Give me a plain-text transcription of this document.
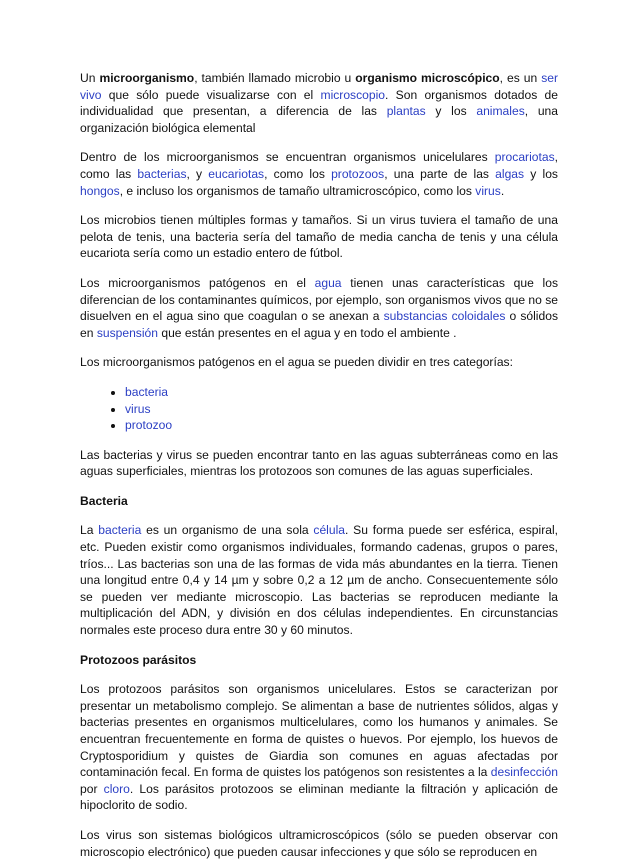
Un microorganismo, también llamado microbio u organismo microscópico, es un ser vivo que sólo puede visualizarse con el microscopio. Son organismos dotados de individualidad que presentan, a diferencia de las plantas y los animales, una organización biológica elemental

Dentro de los microorganismos se encuentran organismos unicelulares procariotas, como las bacterias, y eucariotas, como los protozoos, una parte de las algas y los hongos, e incluso los organismos de tamaño ultramicroscópico, como los virus.

Los microbios tienen múltiples formas y tamaños. Si un virus tuviera el tamaño de una pelota de tenis, una bacteria sería del tamaño de media cancha de tenis y una célula eucariota sería como un estadio entero de fútbol.

Los microorganismos patógenos en el agua tienen unas características que los diferencian de los contaminantes químicos, por ejemplo, son organismos vivos que no se disuelven en el agua sino que coagulan o se anexan a substancias coloidales o sólidos en suspensión que están presentes en el agua y en todo el ambiente .

Los microorganismos patógenos en el agua se pueden dividir en tres categorías:

• bacteria
• virus
• protozoo

Las bacterias y virus se pueden encontrar tanto en las aguas subterráneas como en las aguas superficiales, mientras los protozoos son comunes de las aguas superficiales.

Bacteria

La bacteria es un organismo de una sola célula. Su forma puede ser esférica, espiral, etc. Pueden existir como organismos individuales, formando cadenas, grupos o pares, tríos... Las bacterias son una de las formas de vida más abundantes en la tierra. Tienen una longitud entre 0,4 y 14 µm y sobre 0,2 a 12 µm de ancho. Consecuentemente sólo se pueden ver mediante microscopio. Las bacterias se reproducen mediante la multiplicación del ADN, y división en dos células independientes. En circunstancias normales este proceso dura entre 30 y 60 minutos.

Protozoos parásitos

Los protozoos parásitos son organismos unicelulares. Estos se caracterizan por presentar un metabolismo complejo. Se alimentan a base de nutrientes sólidos, algas y bacterias presentes en organismos multicelulares, como los humanos y animales. Se encuentran frecuentemente en forma de quistes o huevos. Por ejemplo, los huevos de Cryptosporidium y quistes de Giardia son comunes en aguas afectadas por contaminación fecal. En forma de quistes los patógenos son resistentes a la desinfección por cloro. Los parásitos protozoos se eliminan mediante la filtración y aplicación de hipoclorito de sodio.

Los virus son sistemas biológicos ultramicroscópicos (sólo se pueden observar con microscopio electrónico) que pueden causar infecciones y que sólo se reproducen en
